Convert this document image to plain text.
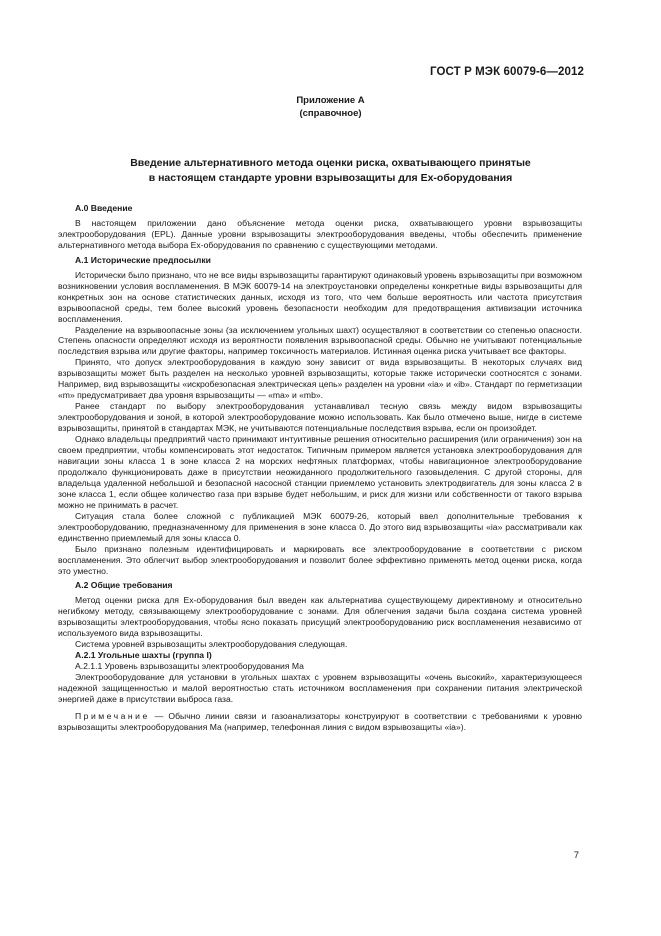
ГОСТ Р МЭК 60079-6—2012
Приложение А
(справочное)
Введение альтернативного метода оценки риска, охватывающего принятые
в настоящем стандарте уровни взрывозащиты для Ех-оборудования
А.0 Введение

В настоящем приложении дано объяснение метода оценки риска, охватывающего уровни взрывозащиты электрооборудования (EPL). Данные уровни взрывозащиты электрооборудования введены, чтобы обеспечить применение альтернативного метода выбора Ех-оборудования по сравнению с существующими методами.

А.1 Исторические предпосылки

Исторически было признано, что не все виды взрывозащиты гарантируют одинаковый уровень взрывозащиты при возможном возникновении условия воспламенения. В МЭК 60079-14 на электроустановки определены конкретные виды взрывозащиты для конкретных зон на основе статистических данных, исходя из того, что чем больше вероятность или частота присутствия взрывоопасной среды, тем более высокий уровень безопасности необходим для предотвращения активизации источника воспламенения.

Разделение на взрывоопасные зоны (за исключением угольных шахт) осуществляют в соответствии со степенью опасности. Степень опасности определяют исходя из вероятности появления взрывоопасной среды. Обычно не учитывают потенциальные последствия взрыва или другие факторы, например токсичность материалов. Истинная оценка риска учитывает все факторы.

Принято, что допуск электрооборудования в каждую зону зависит от вида взрывозащиты. В некоторых случаях вид взрывозащиты может быть разделен на несколько уровней взрывозащиты, которые также исторически соотносятся с зонами. Например, вид взрывозащиты «искробезопасная электрическая цепь» разделен на уровни «ia» и «ib». Стандарт по герметизации «m» предусматривает два уровня взрывозащиты — «ma» и «mb».

Ранее стандарт по выбору электрооборудования устанавливал тесную связь между видом взрывозащиты электрооборудования и зоной, в которой электрооборудование можно использовать. Как было отмечено выше, нигде в системе взрывозащиты, принятой в стандартах МЭК, не учитываются потенциальные последствия взрыва, если он произойдет.

Однако владельцы предприятий часто принимают интуитивные решения относительно расширения (или ограничения) зон на своем предприятии, чтобы компенсировать этот недостаток. Типичным примером является установка электрооборудования для навигации зоны класса 1 в зоне класса 2 на морских нефтяных платформах, чтобы навигационное электрооборудование продолжало функционировать даже в присутствии неожиданного продолжительного газовыделения. С другой стороны, для владельца удаленной небольшой и безопасной насосной станции приемлемо установить электродвигатель для зоны класса 2 в зоне класса 1, если общее количество газа при взрыве будет небольшим, и риск для жизни или собственности от такого взрыва можно не принимать в расчет.

Ситуация стала более сложной с публикацией МЭК 60079-26, который ввел дополнительные требования к электрооборудованию, предназначенному для применения в зоне класса 0. До этого вид взрывозащиты «ia» рассматривали как единственно приемлемый для зоны класса 0.

Было признано полезным идентифицировать и маркировать все электрооборудование в соответствии с риском воспламенения. Это облегчит выбор электрооборудования и позволит более эффективно применять метод оценки риска, когда это уместно.

А.2 Общие требования

Метод оценки риска для Ех-оборудования был введен как альтернатива существующему директивному и относительно негибкому методу, связывающему электрооборудование с зонами. Для облегчения задачи была создана система уровней взрывозащиты электрооборудования, чтобы ясно показать присущий электрооборудованию риск воспламенения независимо от используемого вида взрывозащиты.

Система уровней взрывозащиты электрооборудования следующая.

А.2.1 Угольные шахты (группа I)
А.2.1.1 Уровень взрывозащиты электрооборудования Ма

Электрооборудование для установки в угольных шахтах с уровнем взрывозащиты «очень высокий», характеризующееся надежной защищенностью и малой вероятностью стать источником воспламенения при сохранении питания электрической энергией даже в присутствии выброса газа.

Примечание — Обычно линии связи и газоанализаторы конструируют в соответствии с требованиями к уровню взрывозащиты электрооборудования Ма (например, телефонная линия с видом взрывозащиты «ia»).

7
